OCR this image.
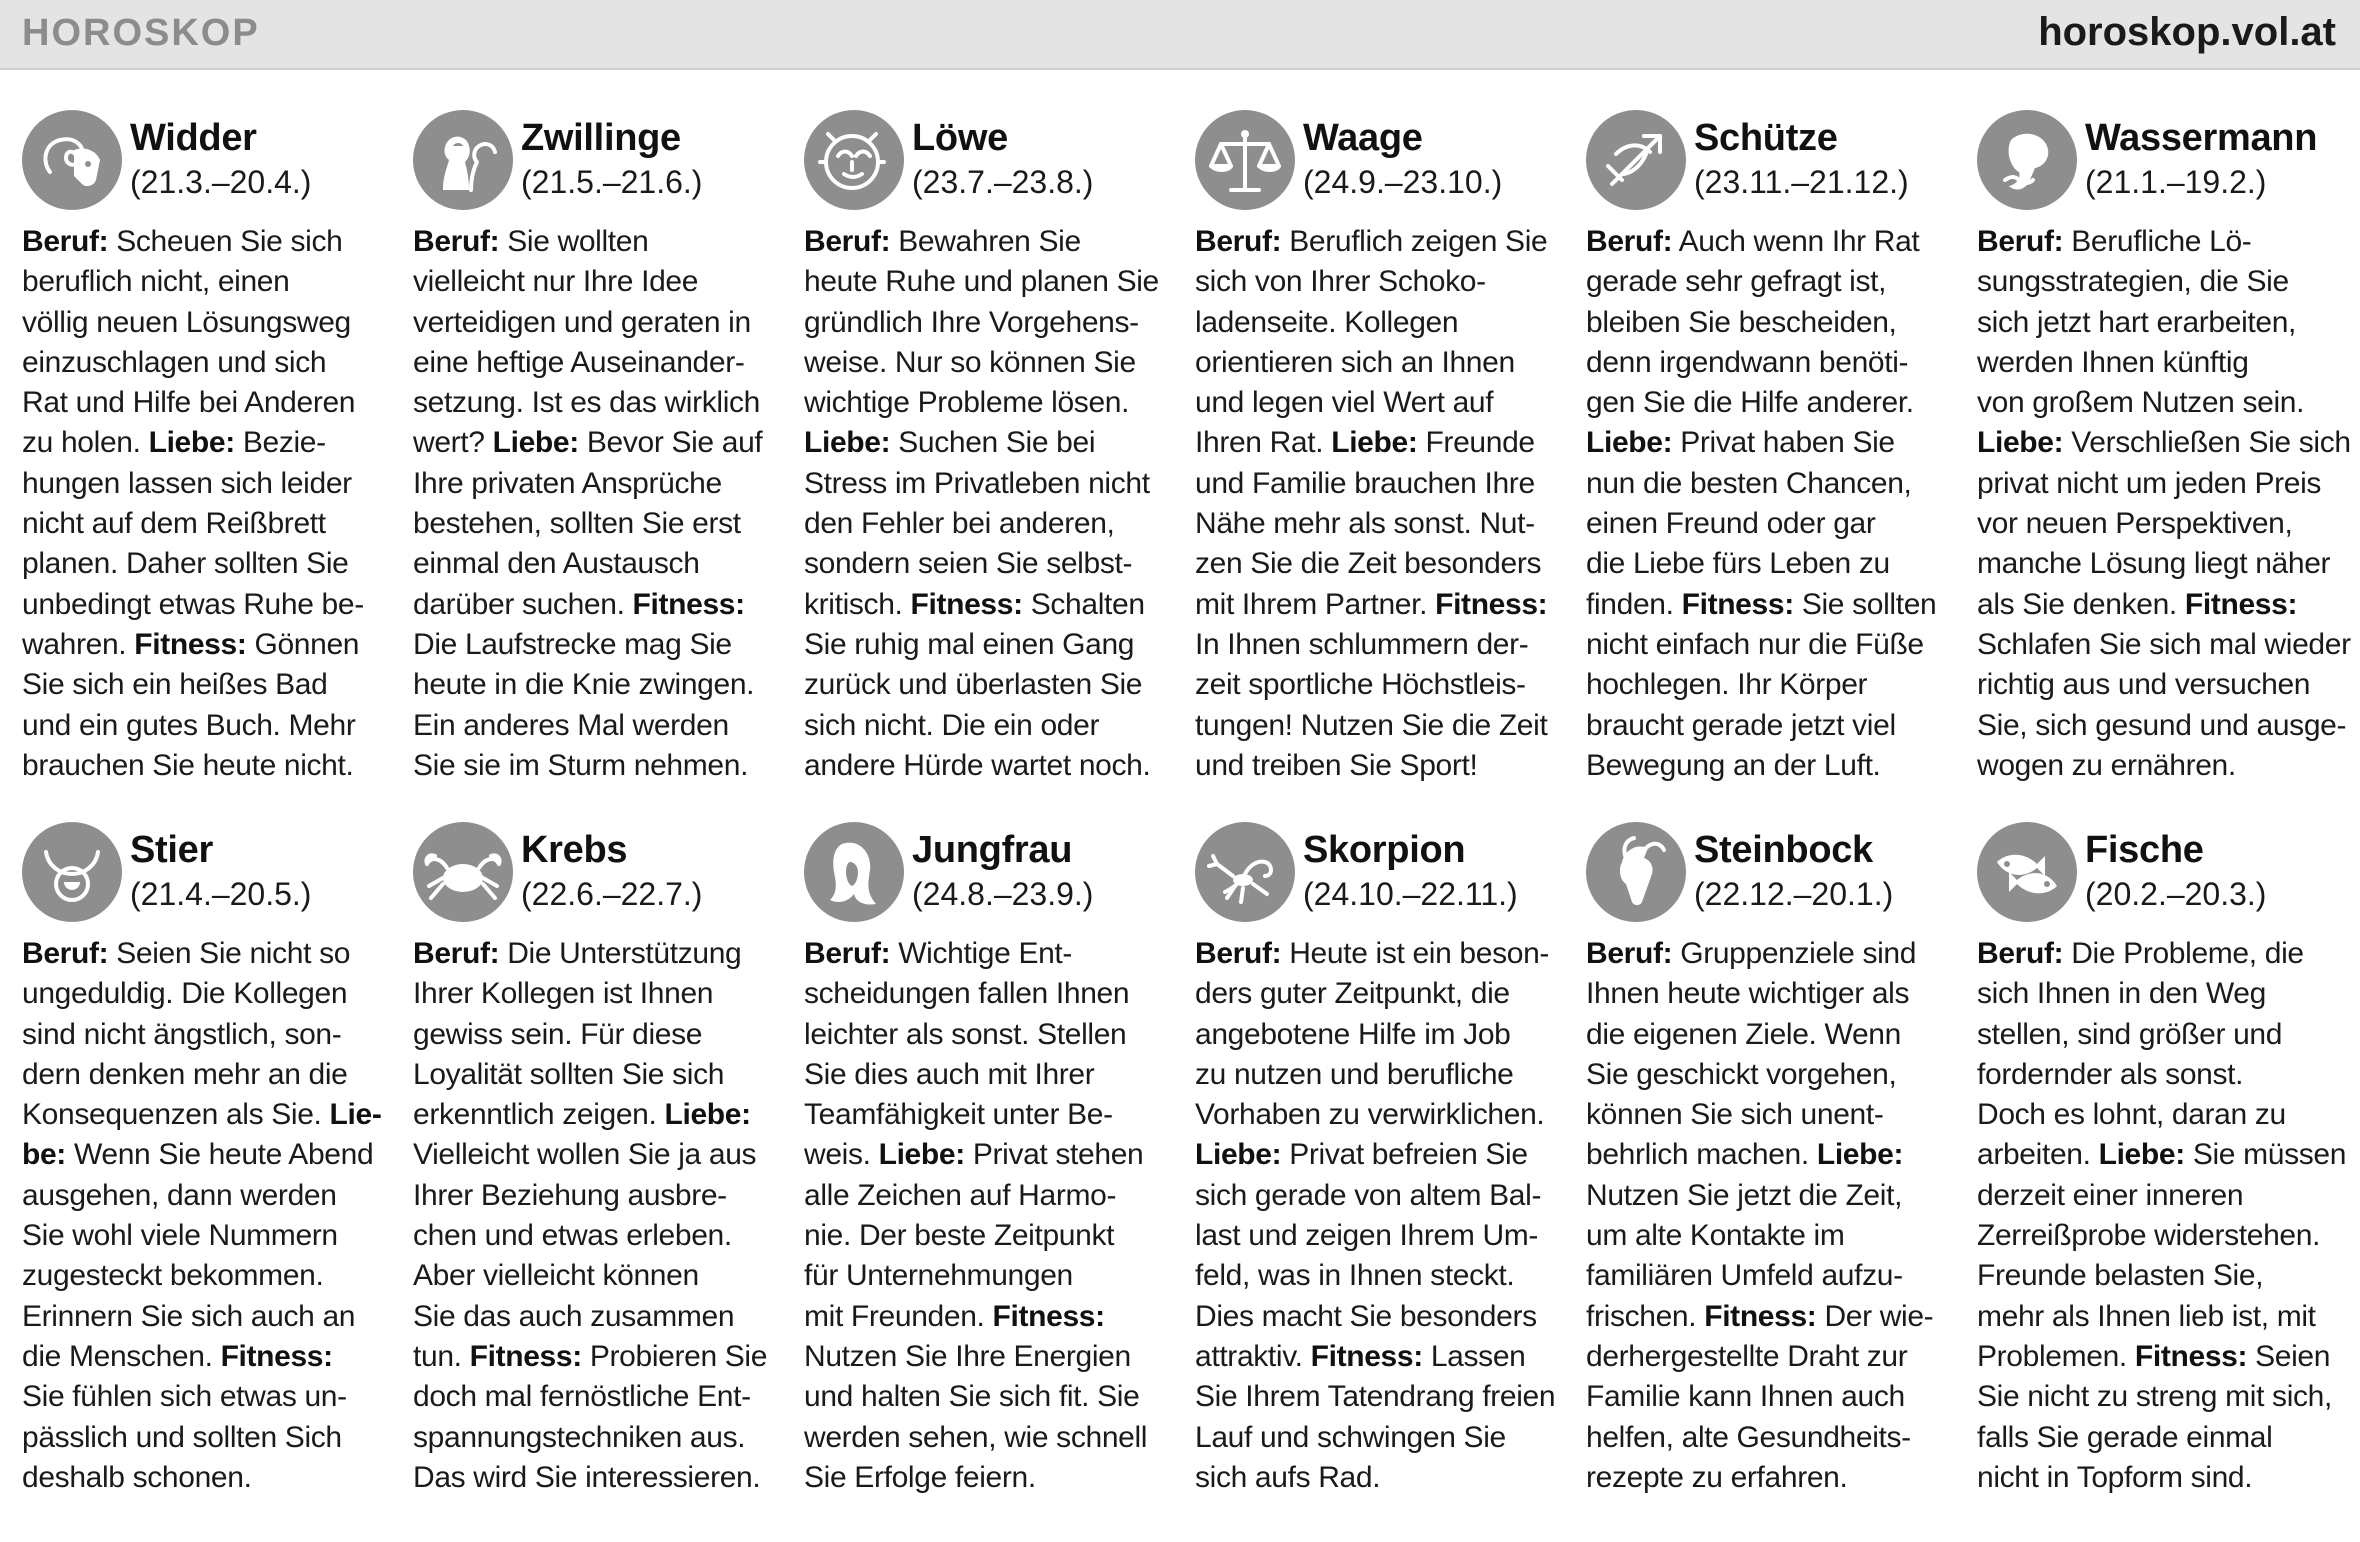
HOROSKOP	horoskop.vol.at
Widder
(21.3.–20.4.)
Beruf: Scheuen Sie sich
beruflich nicht, einen
völlig neuen Lösungsweg
einzuschlagen und sich
Rat und Hilfe bei Anderen
zu holen. Liebe: Bezie-
hungen lassen sich leider
nicht auf dem Reißbrett
planen. Daher sollten Sie
unbedingt etwas Ruhe be-
wahren. Fitness: Gönnen
Sie sich ein heißes Bad
und ein gutes Buch. Mehr
brauchen Sie heute nicht.
Zwillinge
(21.5.–21.6.)
Beruf: Sie wollten
vielleicht nur Ihre Idee
verteidigen und geraten in
eine heftige Auseinander-
setzung. Ist es das wirklich
wert? Liebe: Bevor Sie auf
Ihre privaten Ansprüche
bestehen, sollten Sie erst
einmal den Austausch
darüber suchen. Fitness:
Die Laufstrecke mag Sie
heute in die Knie zwingen.
Ein anderes Mal werden
Sie sie im Sturm nehmen.
Löwe
(23.7.–23.8.)
Beruf: Bewahren Sie
heute Ruhe und planen Sie
gründlich Ihre Vorgehens-
weise. Nur so können Sie
wichtige Probleme lösen.
Liebe: Suchen Sie bei
Stress im Privatleben nicht
den Fehler bei anderen,
sondern seien Sie selbst-
kritisch. Fitness: Schalten
Sie ruhig mal einen Gang
zurück und überlasten Sie
sich nicht. Die ein oder
andere Hürde wartet noch.
Waage
(24.9.–23.10.)
Beruf: Beruflich zeigen Sie
sich von Ihrer Schoko-
ladenseite. Kollegen
orientieren sich an Ihnen
und legen viel Wert auf
Ihren Rat. Liebe: Freunde
und Familie brauchen Ihre
Nähe mehr als sonst. Nut-
zen Sie die Zeit besonders
mit Ihrem Partner. Fitness:
In Ihnen schlummern der-
zeit sportliche Höchstleis-
tungen! Nutzen Sie die Zeit
und treiben Sie Sport!
Schütze
(23.11.–21.12.)
Beruf: Auch wenn Ihr Rat
gerade sehr gefragt ist,
bleiben Sie bescheiden,
denn irgendwann benöti-
gen Sie die Hilfe anderer.
Liebe: Privat haben Sie
nun die besten Chancen,
einen Freund oder gar
die Liebe fürs Leben zu
finden. Fitness: Sie sollten
nicht einfach nur die Füße
hochlegen. Ihr Körper
braucht gerade jetzt viel
Bewegung an der Luft.
Wassermann
(21.1.–19.2.)
Beruf: Berufliche Lö-
sungsstrategien, die Sie
sich jetzt hart erarbeiten,
werden Ihnen künftig
von großem Nutzen sein.
Liebe: Verschließen Sie sich
privat nicht um jeden Preis
vor neuen Perspektiven,
manche Lösung liegt näher
als Sie denken. Fitness:
Schlafen Sie sich mal wieder
richtig aus und versuchen
Sie, sich gesund und ausge-
wogen zu ernähren.
Stier
(21.4.–20.5.)
Beruf: Seien Sie nicht so
ungeduldig. Die Kollegen
sind nicht ängstlich, son-
dern denken mehr an die
Konsequenzen als Sie. Lie-
be: Wenn Sie heute Abend
ausgehen, dann werden
Sie wohl viele Nummern
zugesteckt bekommen.
Erinnern Sie sich auch an
die Menschen. Fitness:
Sie fühlen sich etwas un-
pässlich und sollten Sich
deshalb schonen.
Krebs
(22.6.–22.7.)
Beruf: Die Unterstützung
Ihrer Kollegen ist Ihnen
gewiss sein. Für diese
Loyalität sollten Sie sich
erkenntlich zeigen. Liebe:
Vielleicht wollen Sie ja aus
Ihrer Beziehung ausbre-
chen und etwas erleben.
Aber vielleicht können
Sie das auch zusammen
tun. Fitness: Probieren Sie
doch mal fernöstliche Ent-
spannungstechniken aus.
Das wird Sie interessieren.
Jungfrau
(24.8.–23.9.)
Beruf: Wichtige Ent-
scheidungen fallen Ihnen
leichter als sonst. Stellen
Sie dies auch mit Ihrer
Teamfähigkeit unter Be-
weis. Liebe: Privat stehen
alle Zeichen auf Harmo-
nie. Der beste Zeitpunkt
für Unternehmungen
mit Freunden. Fitness:
Nutzen Sie Ihre Energien
und halten Sie sich fit. Sie
werden sehen, wie schnell
Sie Erfolge feiern.
Skorpion
(24.10.–22.11.)
Beruf: Heute ist ein beson-
ders guter Zeitpunkt, die
angebotene Hilfe im Job
zu nutzen und berufliche
Vorhaben zu verwirklichen.
Liebe: Privat befreien Sie
sich gerade von altem Bal-
last und zeigen Ihrem Um-
feld, was in Ihnen steckt.
Dies macht Sie besonders
attraktiv. Fitness: Lassen
Sie Ihrem Tatendrang freien
Lauf und schwingen Sie
sich aufs Rad.
Steinbock
(22.12.–20.1.)
Beruf: Gruppenziele sind
Ihnen heute wichtiger als
die eigenen Ziele. Wenn
Sie geschickt vorgehen,
können Sie sich unent-
behrlich machen. Liebe:
Nutzen Sie jetzt die Zeit,
um alte Kontakte im
familiären Umfeld aufzu-
frischen. Fitness: Der wie-
derhergestellte Draht zur
Familie kann Ihnen auch
helfen, alte Gesundheits-
rezepte zu erfahren.
Fische
(20.2.–20.3.)
Beruf: Die Probleme, die
sich Ihnen in den Weg
stellen, sind größer und
fordernder als sonst.
Doch es lohnt, daran zu
arbeiten. Liebe: Sie müssen
derzeit einer inneren
Zerreißprobe widerstehen.
Freunde belasten Sie,
mehr als Ihnen lieb ist, mit
Problemen. Fitness: Seien
Sie nicht zu streng mit sich,
falls Sie gerade einmal
nicht in Topform sind.
